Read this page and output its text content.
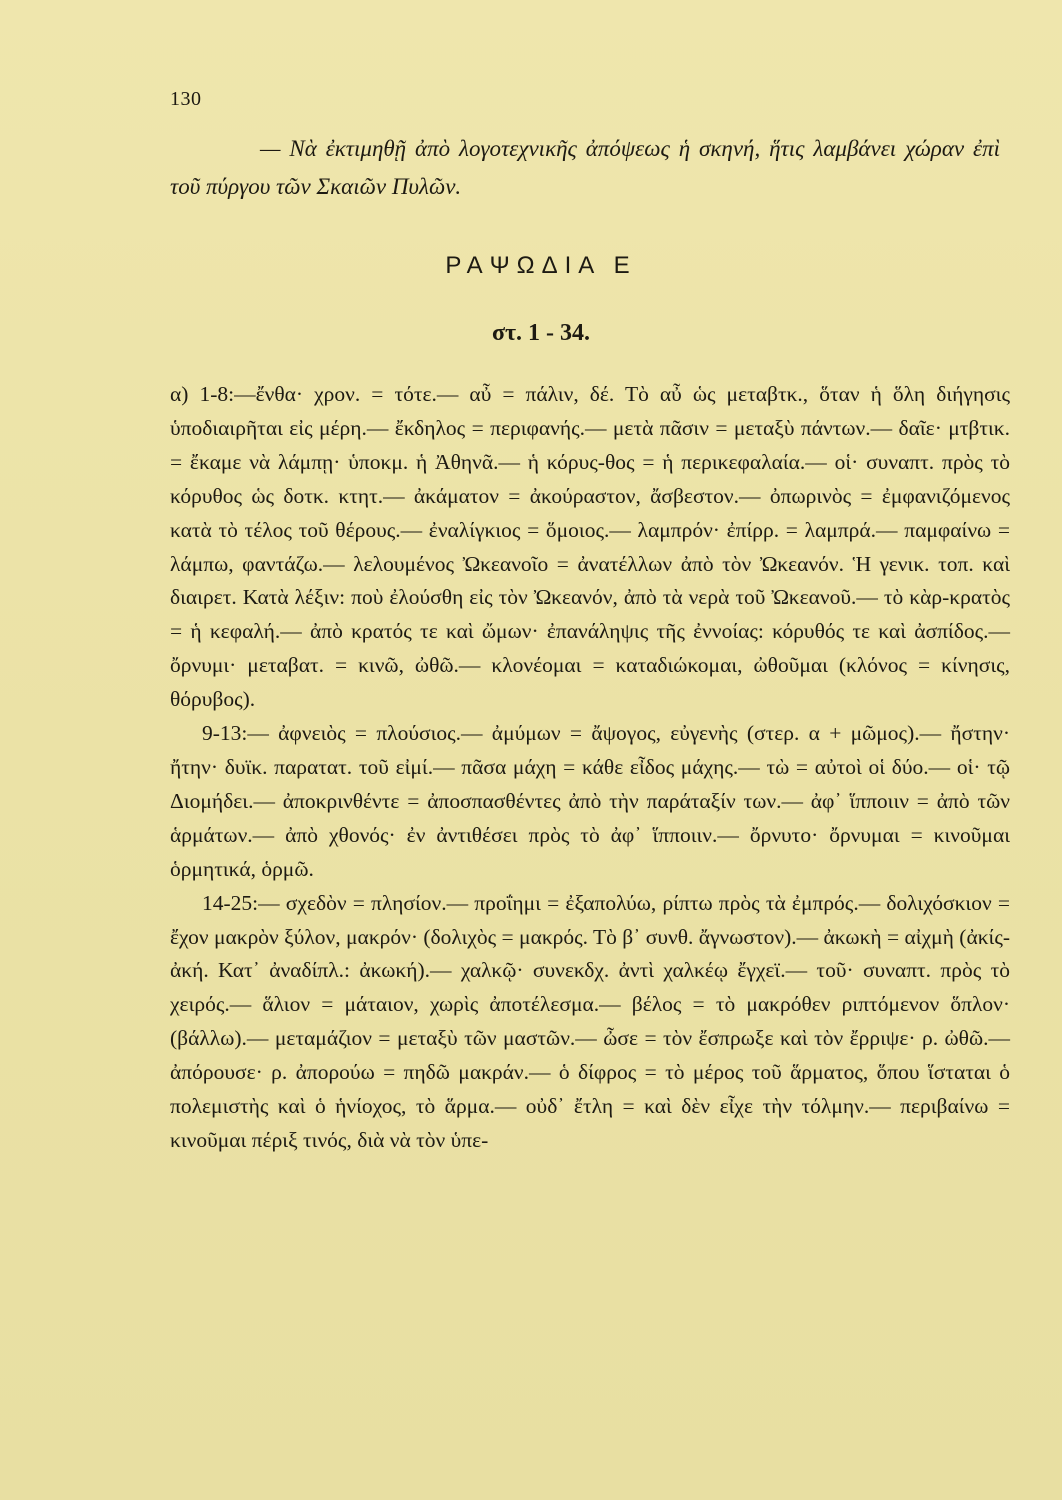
130
— Νὰ ἐκτιμηθῇ ἀπὸ λογοτεχνικῆς ἀπόψεως ἡ σκηνή, ἥτις λαμβάνει χώραν ἐπὶ τοῦ πύργου τῶν Σκαιῶν Πυλῶν.
ΡΑΨΩΔΙΑ Ε
στ. 1 - 34.

α) 1-8:—ἔνθα· χρον. = τότε.— αὖ = πάλιν, δέ. Τὸ αὖ ὡς μεταβτκ., ὅταν ἡ ὅλη διήγησις ὑποδιαιρῆται εἰς μέρη.— ἔκδηλος = περιφανής.— μετὰ πᾶσιν = μεταξὺ πάντων.— δαῖε· μτβτικ. = ἔκαμε νὰ λάμπῃ· ὑποκμ. ἡ Ἀθηνᾶ.— ἡ κόρυς-θος = ἡ περικεφαλαία.— οἱ· συναπτ. πρὸς τὸ κόρυθος ὡς δοτκ. κτητ.— ἀκάματον = ἀκούραστον, ἄσβεστον.— ὀπωρινὸς = ἐμφανιζόμενος κατὰ τὸ τέλος τοῦ θέρους.— ἐναλίγκιος = ὅμοιος.— λαμπρόν· ἐπίρρ. = λαμπρά.— παμφαίνω = λάμπω, φαντάζω.— λελουμένος Ὠκεανοῖο = ἀνατέλλων ἀπὸ τὸν Ὠκεανόν. Ἡ γενικ. τοπ. καὶ διαιρετ. Κατὰ λέξιν: ποὺ ἐλούσθη εἰς τὸν Ὠκεανόν, ἀπὸ τὰ νερὰ τοῦ Ὠκεανοῦ.— τὸ κὰρ-κρατὸς = ἡ κεφαλή.— ἀπὸ κρατός τε καὶ ὤμων· ἐπανάληψις τῆς ἐννοίας: κόρυθός τε καὶ ἀσπίδος.— ὄρνυμι· μεταβατ. = κινῶ, ὠθῶ.— κλονέομαι = καταδιώκομαι, ὠθοῦμαι (κλόνος = κίνησις, θόρυβος).

9-13:— ἀφνειὸς = πλούσιος.— ἀμύμων = ἄψογος, εὐγενὴς (στερ. α + μῶμος).— ἤστην· ἤτην· δυϊκ. παρατατ. τοῦ εἰμί.— πᾶσα μάχη = κάθε εἶδος μάχης.— τὼ = αὐτοὶ οἱ δύο.— οἱ· τῷ Διομήδει.— ἀποκρινθέντε = ἀποσπασθέντες ἀπὸ τὴν παράταξίν των.— ἀφ᾽ ἵπποιιν = ἀπὸ τῶν ἁρμάτων.— ἀπὸ χθονός· ἐν ἀντιθέσει πρὸς τὸ ἀφ᾽ ἵπποιιν.— ὄρνυτο· ὄρνυμαι = κινοῦμαι ὁρμητικά, ὁρμῶ.

14-25:— σχεδὸν = πλησίον.— προΐημι = ἐξαπολύω, ρίπτω πρὸς τὰ ἐμπρός.— δολιχόσκιον = ἔχον μακρὸν ξύλον, μακρόν· (δολιχὸς = μακρός. Τὸ β᾽ συνθ. ἄγνωστον).— ἀκωκὴ = αἰχμὴ (ἀκίς-ἀκή. Κατ᾽ ἀναδίπλ.: ἀκωκή).— χαλκῷ· συνεκδχ. ἀντὶ χαλκέῳ ἔγχεϊ.— τοῦ· συναπτ. πρὸς τὸ χειρός.— ἅλιον = μάταιον, χωρὶς ἀποτέλεσμα.— βέλος = τὸ μακρόθεν ριπτόμενον ὅπλον· (βάλλω).— μεταμάζιον = μεταξὺ τῶν μαστῶν.— ὦσε = τὸν ἔσπρωξε καὶ τὸν ἔρριψε· ρ. ὠθῶ.— ἀπόρουσε· ρ. ἀπορούω = πηδῶ μακράν.— ὁ δίφρος = τὸ μέρος τοῦ ἅρματος, ὅπου ἵσταται ὁ πολεμιστὴς καὶ ὁ ἡνίοχος, τὸ ἅρμα.— οὐδ᾽ ἔτλη = καὶ δὲν εἶχε τὴν τόλμην.— περιβαίνω = κινοῦμαι πέριξ τινός, διὰ νὰ τὸν ὑπε-
